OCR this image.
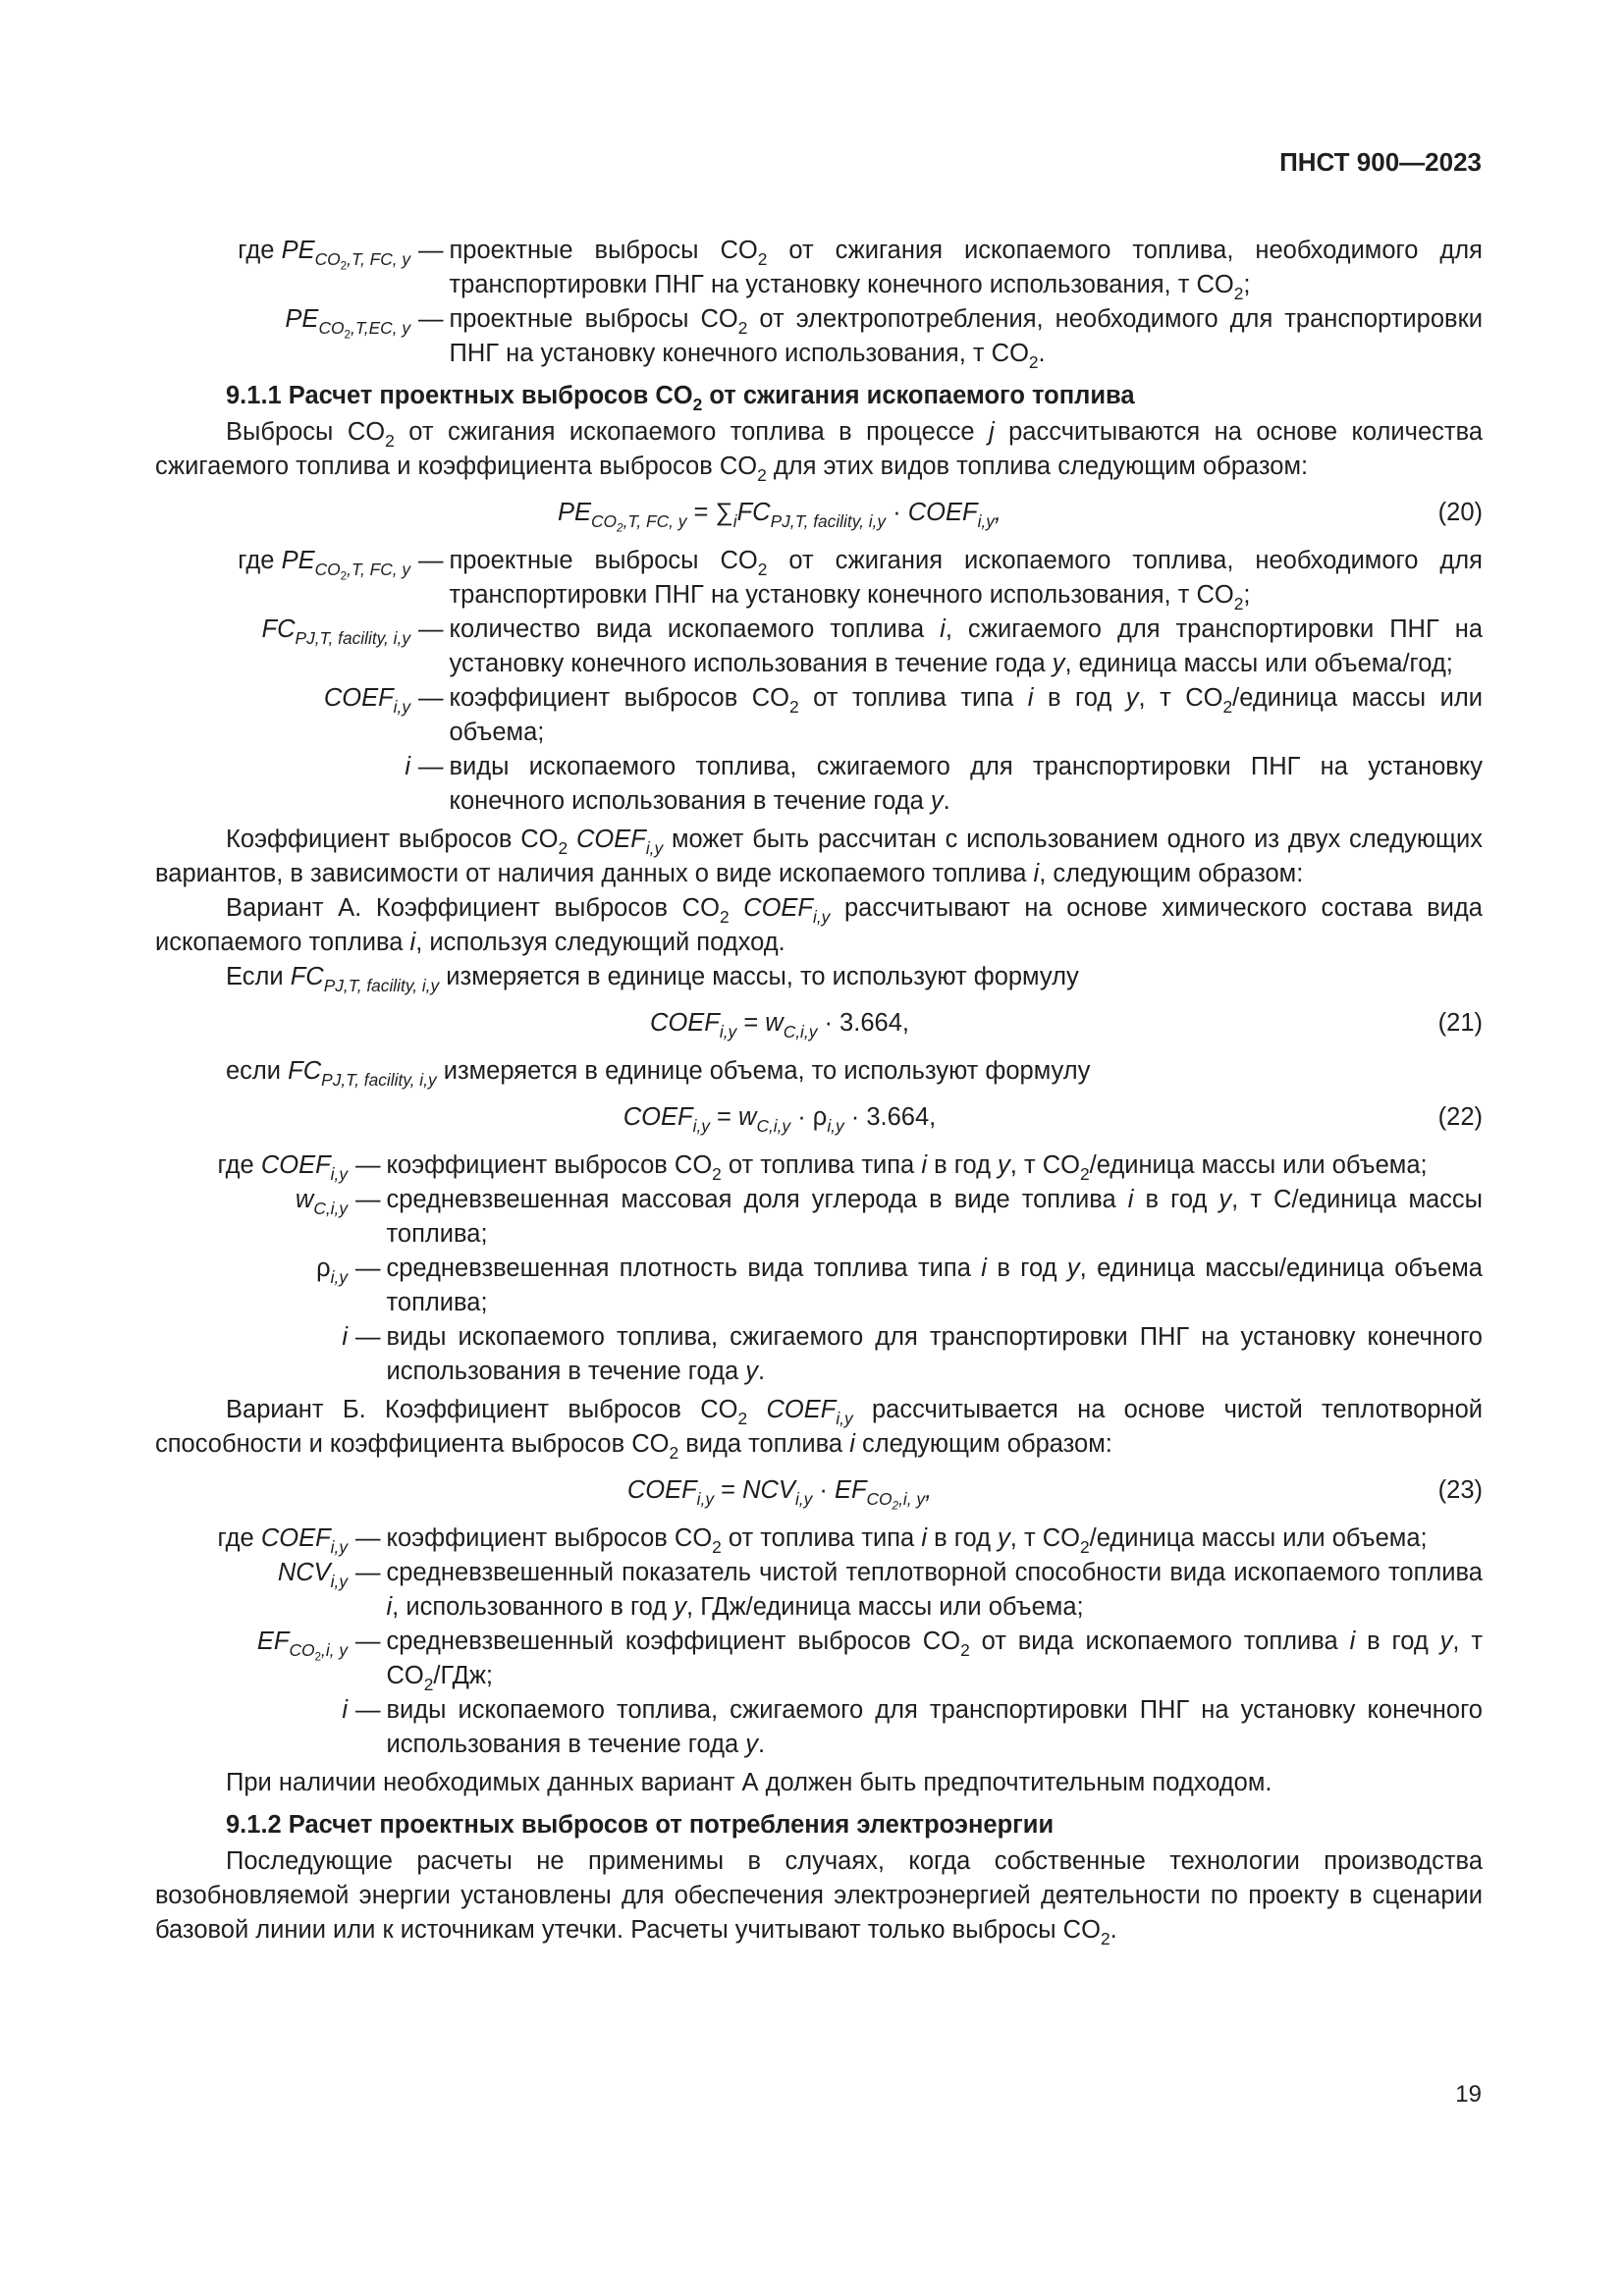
ПНСТ 900—2023
где $PE_{CO_2,T, FC, y}$ — проектные выбросы $CO_2$ от сжигания ископаемого топлива, необходимого для транспортировки ПНГ на установку конечного использования, т $CO_2$;
$PE_{CO_2,T,EC, y}$ — проектные выбросы $CO_2$ от электропотребления, необходимого для транспортировки ПНГ на установку конечного использования, т $CO_2$.
9.1.1 Расчет проектных выбросов $CO_2$ от сжигания ископаемого топлива

Выбросы $CO_2$ от сжигания ископаемого топлива в процессе j рассчитываются на основе количества сжигаемого топлива и коэффициента выбросов $CO_2$ для этих видов топлива следующим образом:

$PE_{CO_2,T, FC, y} = \sum_iFC_{PJ,T, facility, i,y}$ · $COEF_{i,y}$,	(20)
где $PE_{CO_2,T, FC, y}$ — проектные выбросы $CO_2$ от сжигания ископаемого топлива, необходимого для транспортировки ПНГ на установку конечного использования, т $CO_2$;
$FC_{PJ,T, facility, i,y}$ — количество вида ископаемого топлива i, сжигаемого для транспортировки ПНГ на установку конечного использования в течение года y, единица массы или объема/год;
$COEF_{i,y}$ — коэффициент выбросов $CO_2$ от топлива типа i в год y, т $CO_2$/единица массы или объема;
i — виды ископаемого топлива, сжигаемого для транспортировки ПНГ на установку конечного использования в течение года y.

Коэффициент выбросов $CO_2$ $COEF_{i,y}$ может быть рассчитан с использованием одного из двух следующих вариантов, в зависимости от наличия данных о виде ископаемого топлива i, следующим образом:

Вариант А. Коэффициент выбросов $CO_2$ $COEF_{i,y}$ рассчитывают на основе химического состава вида ископаемого топлива i, используя следующий подход.

Если $FC_{PJ,T, facility, i,y}$ измеряется в единице массы, то используют формулу

$COEF_{i,y} = w_{C,i,y} \cdot 3.664$,	(21)

если $FC_{PJ,T, facility, i,y}$ измеряется в единице объема, то используют формулу

$COEF_{i,y} = w_{C,i,y} \cdot \rho_{i,y} \cdot 3.664$,	(22)
где $COEF_{i,y}$ — коэффициент выбросов $CO_2$ от топлива типа i в год y, т $CO_2$/единица массы или объема;
$w_{C,i,y}$ — средневзвешенная массовая доля углерода в виде топлива i в год y, т С/единица массы топлива;
$\rho_{i,y}$ — средневзвешенная плотность вида топлива типа i в год y, единица массы/единица объема топлива;
i — виды ископаемого топлива, сжигаемого для транспортировки ПНГ на установку конечного использования в течение года y.

Вариант Б. Коэффициент выбросов $CO_2$ $COEF_{i,y}$ рассчитывается на основе чистой теплотворной способности и коэффициента выбросов $CO_2$ вида топлива i следующим образом:

$COEF_{i,y} = NCV_{i,y} \cdot EF_{CO_2,i, y}$,	(23)
где $COEF_{i,y}$ — коэффициент выбросов $CO_2$ от топлива типа i в год y, т $CO_2$/единица массы или объема;
$NCV_{i,y}$ — средневзвешенный показатель чистой теплотворной способности вида ископаемого топлива i, использованного в год y, ГДж/единица массы или объема;
$EF_{CO_2,i, y}$ — средневзвешенный коэффициент выбросов $CO_2$ от вида ископаемого топлива i в год y, т $CO_2$/ГДж;
i — виды ископаемого топлива, сжигаемого для транспортировки ПНГ на установку конечного использования в течение года y.

При наличии необходимых данных вариант А должен быть предпочтительным подходом.

9.1.2 Расчет проектных выбросов от потребления электроэнергии

Последующие расчеты не применимы в случаях, когда собственные технологии производства возобновляемой энергии установлены для обеспечения электроэнергией деятельности по проекту в сценарии базовой линии или к источникам утечки. Расчеты учитывают только выбросы $CO_2$.

19
